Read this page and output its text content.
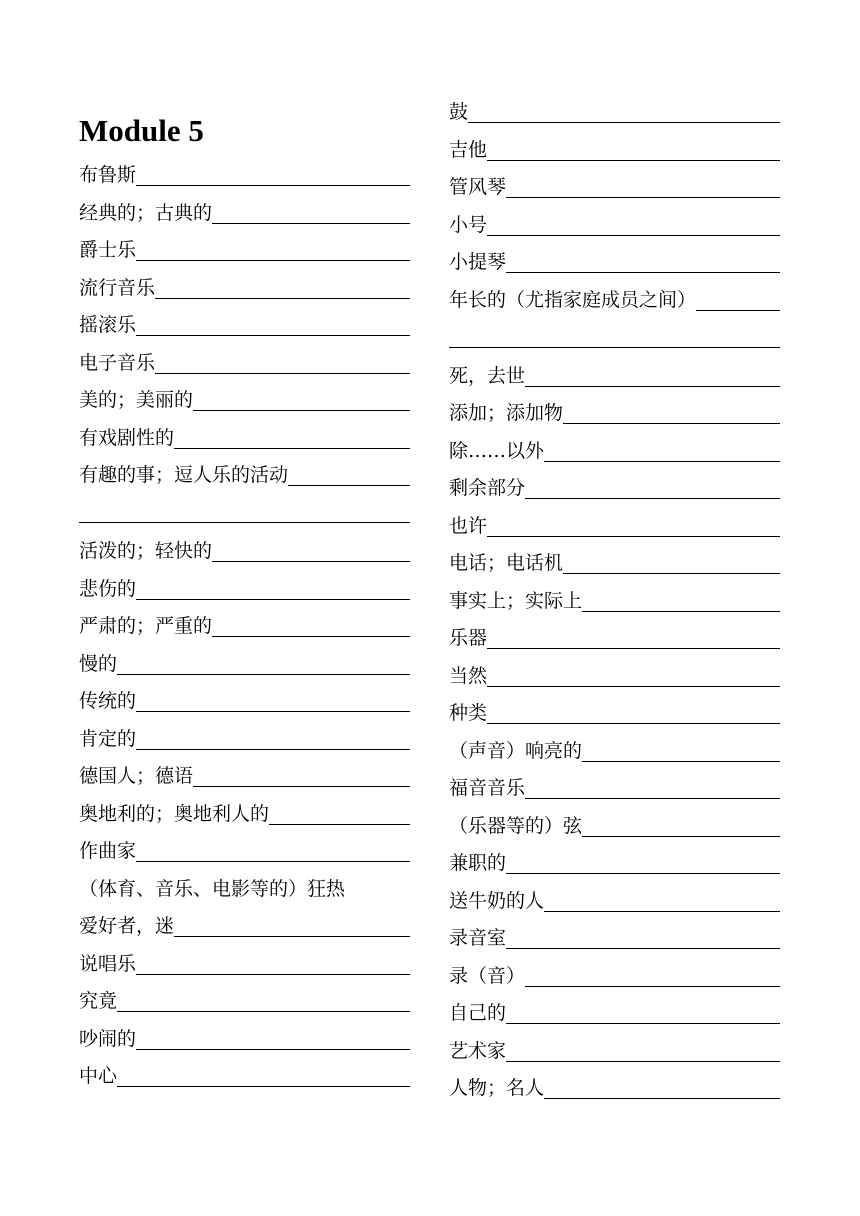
Module 5
布鲁斯
经典的；古典的
爵士乐
流行音乐
摇滚乐
电子音乐
美的；美丽的
有戏剧性的
有趣的事；逗人乐的活动
活泼的；轻快的
悲伤的
严肃的；严重的
慢的
传统的
肯定的
德国人；德语
奥地利的；奥地利人的
作曲家
（体育、音乐、电影等的）狂热
爱好者，迷
说唱乐
究竟
吵闹的
中心
鼓
吉他
管风琴
小号
小提琴
年长的（尤指家庭成员之间）
死，去世
添加；添加物
除……以外
剩余部分
也许
电话；电话机
事实上；实际上
乐器
当然
种类
（声音）响亮的
福音音乐
（乐器等的）弦
兼职的
送牛奶的人
录音室
录（音）
自己的
艺术家
人物；名人
